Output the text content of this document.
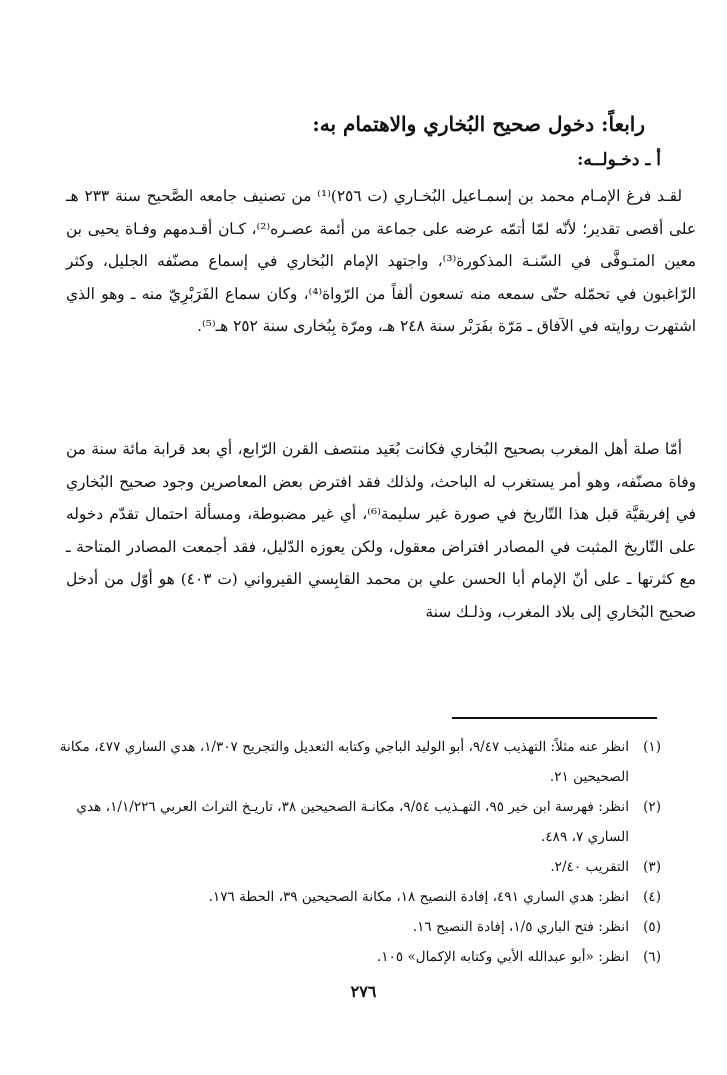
رابعاً: دخول صحيح البُخاري والاهتمام به:
أ ـ دخـولــه:

لقـد فرغ الإمـام محمد بن إسمـاعيل البُخـاري (ت ٢٥٦)⁽¹⁾ من تصنيف جامعه الصَّحيح سنة ٢٣٣ هـ على أقصى تقدير؛ لأنّه لمّا أتمّه عرضه على جماعة من أئمة عصـره⁽²⁾، كـان أقـدمهم وفـاة يحيى بن معين المتـوفَّى في السّنـة المذكورة⁽³⁾، واجتهد الإمام البُخاري في إسماع مصنّفه الجليل، وكثر الرّاغبون في تحمّله حتّى سمعه منه تسعون ألفاً من الرّواة⁽⁴⁾، وكان سماع الفَرَبْرِيّ منه ـ وهو الذي اشتهرت روايته في الآفاق ـ مَرّة بفَرَبْر سنة ٢٤٨ هـ، ومرّة بِبُخارى سنة ٢٥٢ هـ⁽⁵⁾.

أمّا صلة أهل المغرب بصحيح البُخاري فكانت بُعَيد منتصف القرن الرّابع، أي بعد قرابة مائة سنة من وفاة مصنّفه، وهو أمر يستغرب له الباحث، ولذلك فقد افترض بعض المعاصرين وجود صحيح البُخاري في إفريقيَّة قبل هذا التّاريخ في صورة غير سليمة⁽⁶⁾، أي غير مضبوطة، ومسألة احتمال تقدّم دخوله على التّاريخ المثبت في المصادر افتراض معقول، ولكن يعوزه الدّليل، فقد أجمعت المصادر المتاحة ـ مع كثرتها ـ على أنّ الإمام أبا الحسن علي بن محمد القابِسي القيرواني (ت ٤٠٣) هو أوّل من أدخل صحيح البُخاري إلى بلاد المغرب، وذلـك سنة

(١)
انظر عنه مثلاً: التهذيب ٩/٤٧، أبو الوليد الباجي وكتابه التعديل والتجريح ١/٣٠٧، هدي الساري ٤٧٧، مكانة الصحيحين ٢١.
(٢)
انظر: فهرسة ابن خير ٩٥، التهـذيب ٩/٥٤، مكانـة الصحيحين ٣٨، تاريـخ التراث العربي ١/١/٢٢٦، هدي الساري ٧، ٤٨٩.
(٣)
التقريب ٢/٤٠.
(٤)
انظر: هدي الساري ٤٩١، إفادة النصيح ١٨، مكانة الصحيحين ٣٩، الحطة ١٧٦.
(٥)
انظر: فتح الباري ١/٥، إفادة النصيح ١٦.
(٦)
انظر: «أبو عبدالله الأبي وكتابه الإكمال» ١٠٥.
٢٧٦
